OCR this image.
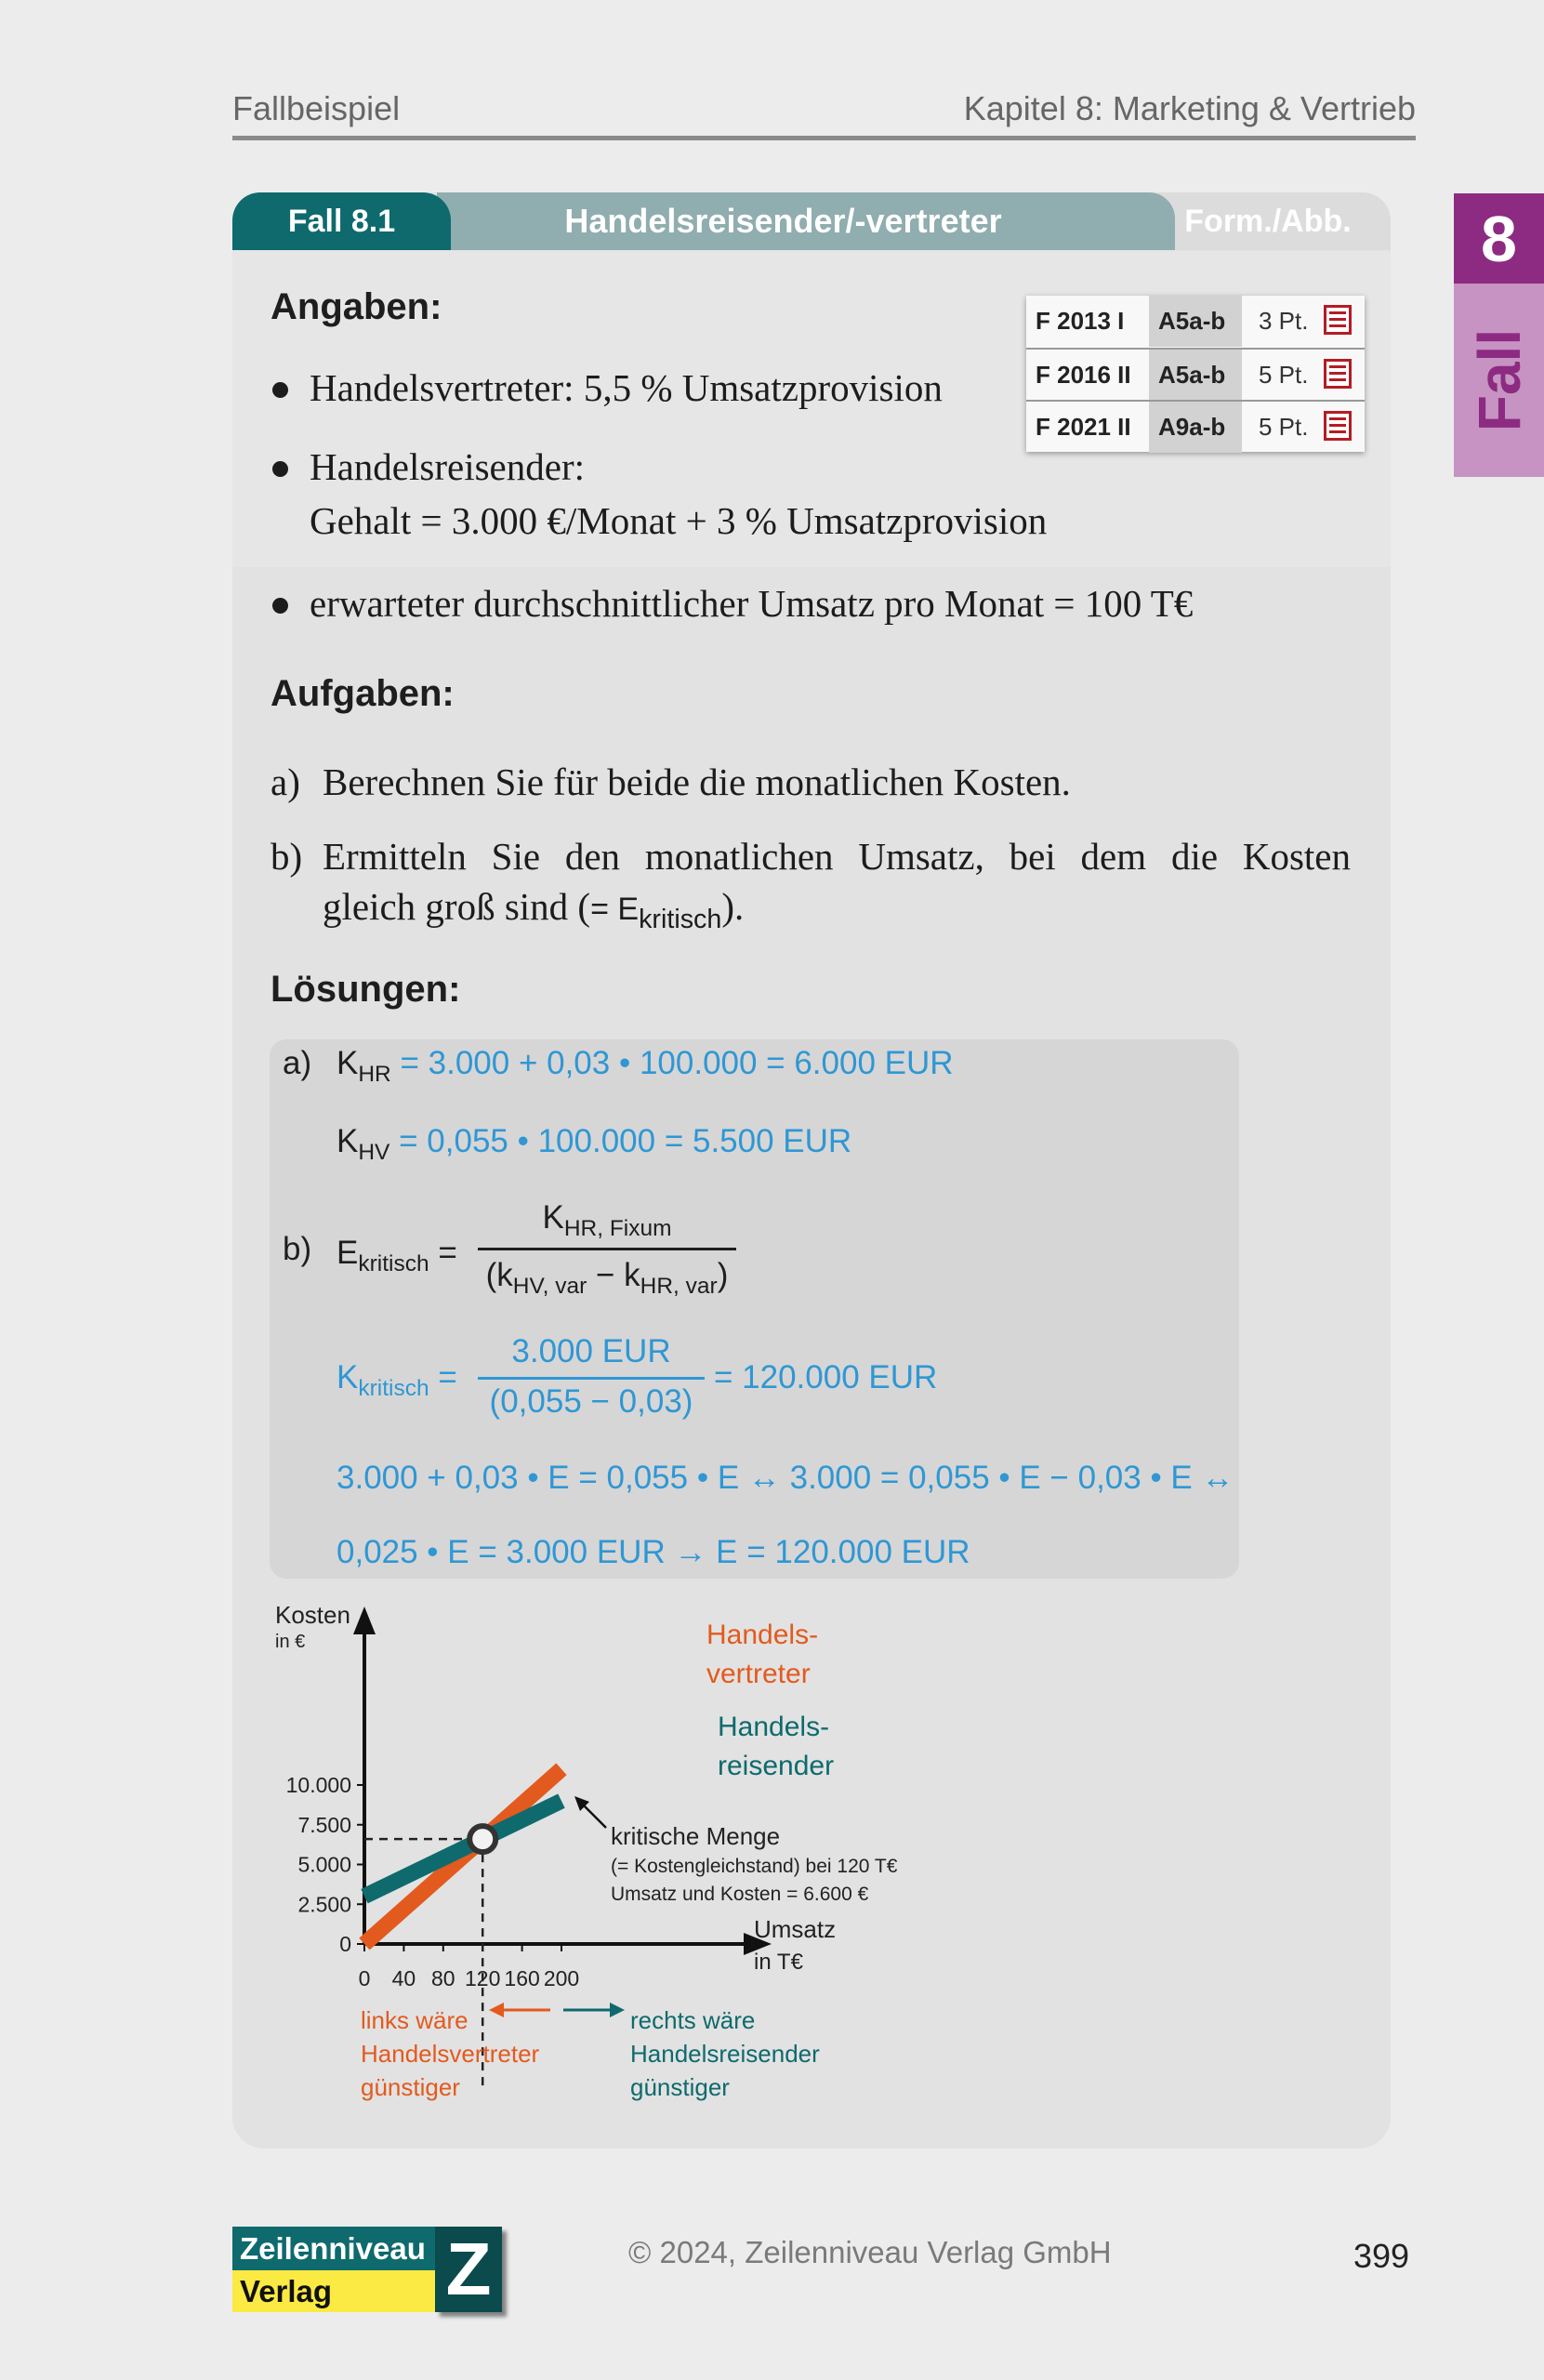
Fallbeispiel	Kapitel 8: Marketing & Vertrieb
8
Fall
Form./Abb.
Fall 8.1	Handelsreisender/-vertreter
Angaben:
Handelsvertreter: 5,5 % Umsatzprovision
Handelsreisender:
Gehalt = 3.000 €/Monat + 3 % Umsatzprovision
erwarteter durchschnittlicher Umsatz pro Monat = 100 T€
F 2013 I	A5a-b	3 Pt.
F 2016 II	A5a-b	5 Pt.
F 2021 II	A9a-b	5 Pt.
Aufgaben:
a) Berechnen Sie für beide die monatlichen Kosten.
b) Ermitteln Sie den monatlichen Umsatz, bei dem die Kosten
gleich groß sind (= $E_{kritisch}$).
Lösungen:
a) $K_{HR} = 3.000 + 0,03$ • 100.000 = 6.000 EUR
$K_{HV} = 0,055$ • 100.000 = 5.500 EUR
b) $E_{kritisch}$ =
$K_{HR, Fixum}$
$(k_{HV, var} - k_{HR, var})$
$K_{kritisch}$ =
3.000 EUR
(0,055 − 0,03)
= 120.000 EUR
3.000 + 0,03 • E = 0,055 • E ↔ 3.000 = 0,055 • E − 0,03 • E ↔
0,025 • E = 3.000 EUR → E = 120.000 EUR
0
2.500
5.000
7.500
10.000
0 40 80 120 160 200
Kosten
in €
Umsatz
in T€
Handels-
vertreter
Handels-
reisender
kritische Menge
(= Kostengleichstand) bei 120 T€
Umsatz und Kosten = 6.600 €
links wäre
Handelsvertreter
günstiger
rechts wäre
Handelsreisender
günstiger
Zeilenniveau
Verlag	Z	© 2024, Zeilenniveau Verlag GmbH	399
